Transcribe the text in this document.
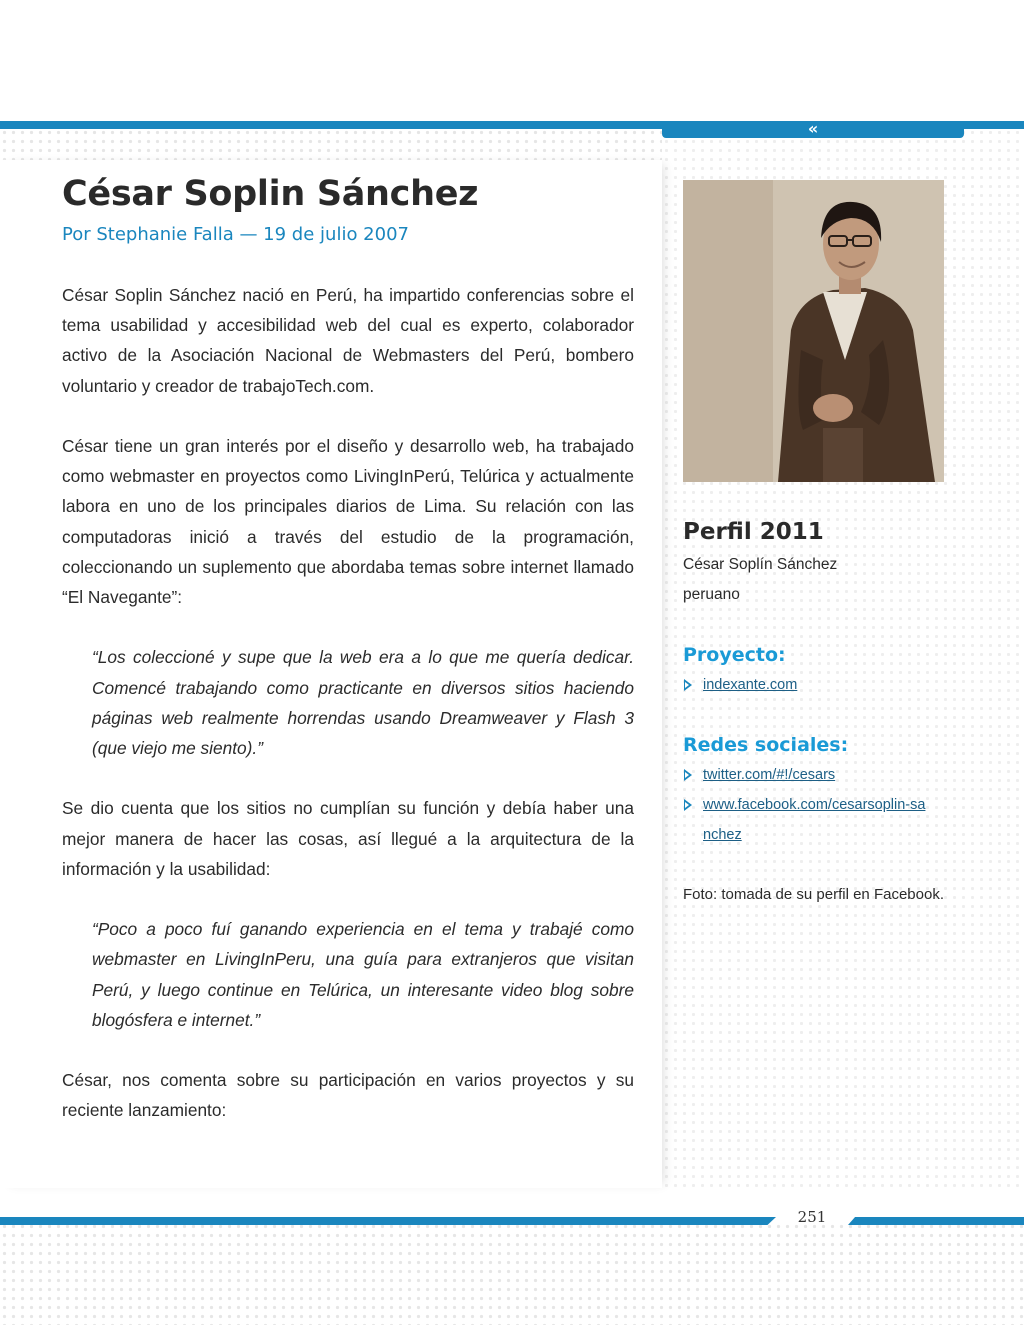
«
César Soplin Sánchez
Por Stephanie Falla — 19 de julio 2007

César Soplin Sánchez nació en Perú, ha impartido conferencias sobre el tema usabilidad y accesibilidad web del cual es experto, colaborador activo de la Asociación Nacional de Webmasters del Perú, bombero voluntario y creador de trabajoTech.com.

César tiene un gran interés por el diseño y desarrollo web, ha trabajado como webmaster en proyectos como LivingInPerú, Telúrica y actualmente labora en uno de los principales diarios de Lima. Su relación con las computadoras inició a través del estudio de la programación, coleccionando un suplemento que abordaba temas sobre internet llamado “El Navegante”:

“Los coleccioné y supe que la web era a lo que me quería dedicar. Comencé trabajando como practicante en diversos sitios haciendo páginas web realmente horrendas usando Dreamweaver y Flash 3 (que viejo me siento).”

Se dio cuenta que los sitios no cumplían su función y debía haber una mejor manera de hacer las cosas, así llegué a la arquitectura de la información y la usabilidad:

“Poco a poco fuí ganando experiencia en el tema y trabajé como webmaster en LivingInPeru, una guía para extranjeros que visitan Perú, y luego continue en Telúrica, un interesante video blog sobre blogósfera e internet.”

César, nos comenta sobre su participación en varios proyectos y su reciente lanzamiento:

Perfil 2011
César Soplín Sánchez
peruano
Proyecto:
indexante.com
Redes sociales:
twitter.com/#!/cesars
www.facebook.com/cesarsoplin-sanchez
Foto: tomada de su perfil en Facebook.
251
